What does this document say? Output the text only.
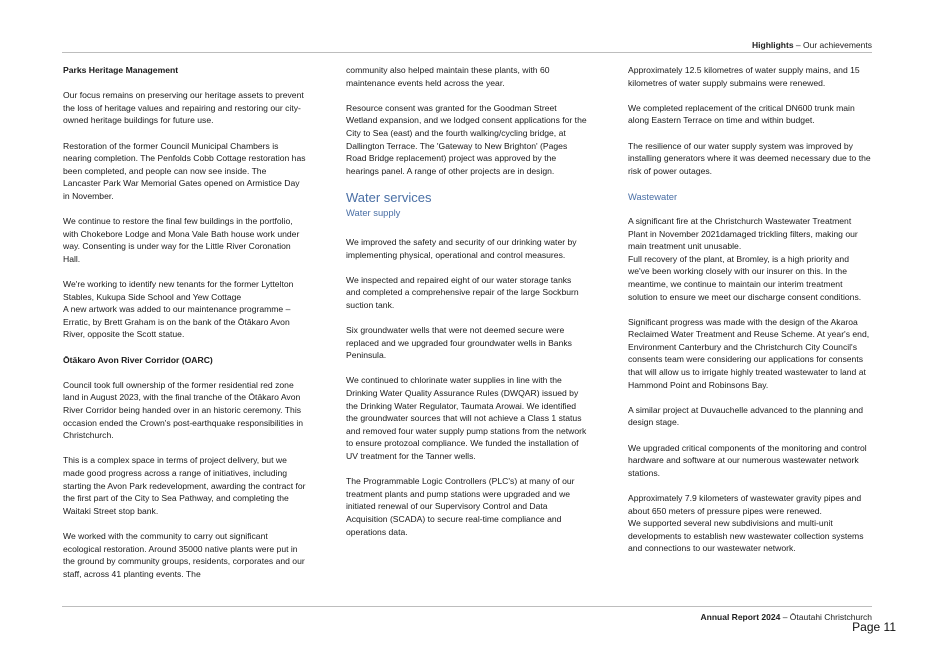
Highlights – Our achievements

Parks Heritage Management

Our focus remains on preserving our heritage assets to prevent the loss of heritage values and repairing and restoring our city-owned heritage buildings for future use.

Restoration of the former Council Municipal Chambers is nearing completion. The Penfolds Cobb Cottage restoration has been completed, and people can now see inside. The Lancaster Park War Memorial Gates opened on Armistice Day in November.

We continue to restore the final few buildings in the portfolio, with Chokebore Lodge and Mona Vale Bath house work under way. Consenting is under way for the Little River Coronation Hall.

We're working to identify new tenants for the former Lyttelton Stables, Kukupa Side School and Yew Cottage
A new artwork was added to our maintenance programme – Erratic, by Brett Graham is on the bank of the Ōtākaro Avon River, opposite the Scott statue.

Ōtākaro Avon River Corridor (OARC)

Council took full ownership of the former residential red zone land in August 2023, with the final tranche of the Ōtākaro Avon River Corridor being handed over in an historic ceremony. This occasion ended the Crown's post-earthquake responsibilities in Christchurch.

This is a complex space in terms of project delivery, but we made good progress across a range of initiatives, including starting the Avon Park redevelopment, awarding the contract for the first part of the City to Sea Pathway, and completing the Waitaki Street stop bank.

We worked with the community to carry out significant ecological restoration. Around 35000 native plants were put in the ground by community groups, residents, corporates and our staff, across 41 planting events. The

community also helped maintain these plants, with 60 maintenance events held across the year.

Resource consent was granted for the Goodman Street Wetland expansion, and we lodged consent applications for the City to Sea (east) and the fourth walking/cycling bridge, at Dallington Terrace. The 'Gateway to New Brighton' (Pages Road Bridge replacement) project was approved by the hearings panel. A range of other projects are in design.

Water services
Water supply

We improved the safety and security of our drinking water by implementing physical, operational and control measures.

We inspected and repaired eight of our water storage tanks and completed a comprehensive repair of the large Sockburn suction tank.

Six groundwater wells that were not deemed secure were replaced and we upgraded four groundwater wells in Banks Peninsula.

We continued to chlorinate water supplies in line with the Drinking Water Quality Assurance Rules (DWQAR) issued by the Drinking Water Regulator, Taumata Arowai. We identified the groundwater sources that will not achieve a Class 1 status and removed four water supply pump stations from the network to ensure protozoal compliance. We funded the installation of UV treatment for the Tanner wells.

The Programmable Logic Controllers (PLC's) at many of our treatment plants and pump stations were upgraded and we initiated renewal of our Supervisory Control and Data Acquisition (SCADA) to secure real-time compliance and operations data.

Approximately 12.5 kilometres of water supply mains, and 15 kilometres of water supply submains were renewed.

We completed replacement of the critical DN600 trunk main along Eastern Terrace on time and within budget.

The resilience of our water supply system was improved by installing generators where it was deemed necessary due to the risk of power outages.

Wastewater

A significant fire at the Christchurch Wastewater Treatment Plant in November 2021damaged trickling filters, making our main treatment unit unusable.
Full recovery of the plant, at Bromley, is a high priority and we've been working closely with our insurer on this. In the meantime, we continue to maintain our interim treatment solution to ensure we meet our discharge consent conditions.

Significant progress was made with the design of the Akaroa Reclaimed Water Treatment and Reuse Scheme. At year's end, Environment Canterbury and the Christchurch City Council's consents team were considering our applications for consents that will allow us to irrigate highly treated wastewater to land at Hammond Point and Robinsons Bay.

A similar project at Duvauchelle advanced to the planning and design stage.

We upgraded critical components of the monitoring and control hardware and software at our numerous wastewater network stations.

Approximately 7.9 kilometers of wastewater gravity pipes and about 650 meters of pressure pipes were renewed.
We supported several new subdivisions and multi-unit developments to establish new wastewater collection systems and connections to our wastewater network.

Annual Report 2024 – Ōtautahi Christchurch
Page 11
